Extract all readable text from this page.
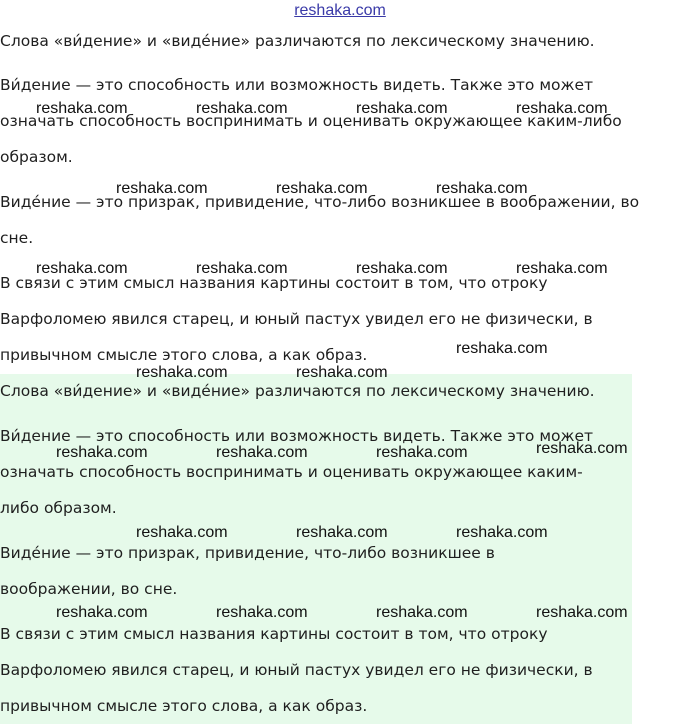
reshaka.com
Слова «ви́дение» и «виде́ние» различаются по лексическому значению.
Ви́дение — это способность или возможность видеть. Также это может
означать способность воспринимать и оценивать окружающее каким-либо
образом.
Виде́ние — это призрак, привидение, что-либо возникшее в воображении, во
сне.
В связи с этим смысл названия картины состоит в том, что отроку
Варфоломею явился старец, и юный пастух увидел его не физически, в
привычном смысле этого слова, а как образ.
Слова «ви́дение» и «виде́ние» различаются по лексическому значению.
Ви́дение — это способность или возможность видеть. Также это может
означать способность воспринимать и оценивать окружающее каким-
либо образом.
Виде́ние — это призрак, привидение, что-либо возникшее в
воображении, во сне.
В связи с этим смысл названия картины состоит в том, что отроку
Варфоломею явился старец, и юный пастух увидел его не физически, в
привычном смысле этого слова, а как образ.
reshaka.com	reshaka.com	reshaka.com	reshaka.com
reshaka.com	reshaka.com	reshaka.com
reshaka.com	reshaka.com	reshaka.com	reshaka.com
reshaka.com
reshaka.com	reshaka.com
reshaka.com	reshaka.com	reshaka.com	reshaka.com
reshaka.com	reshaka.com	reshaka.com
reshaka.com	reshaka.com	reshaka.com	reshaka.com
